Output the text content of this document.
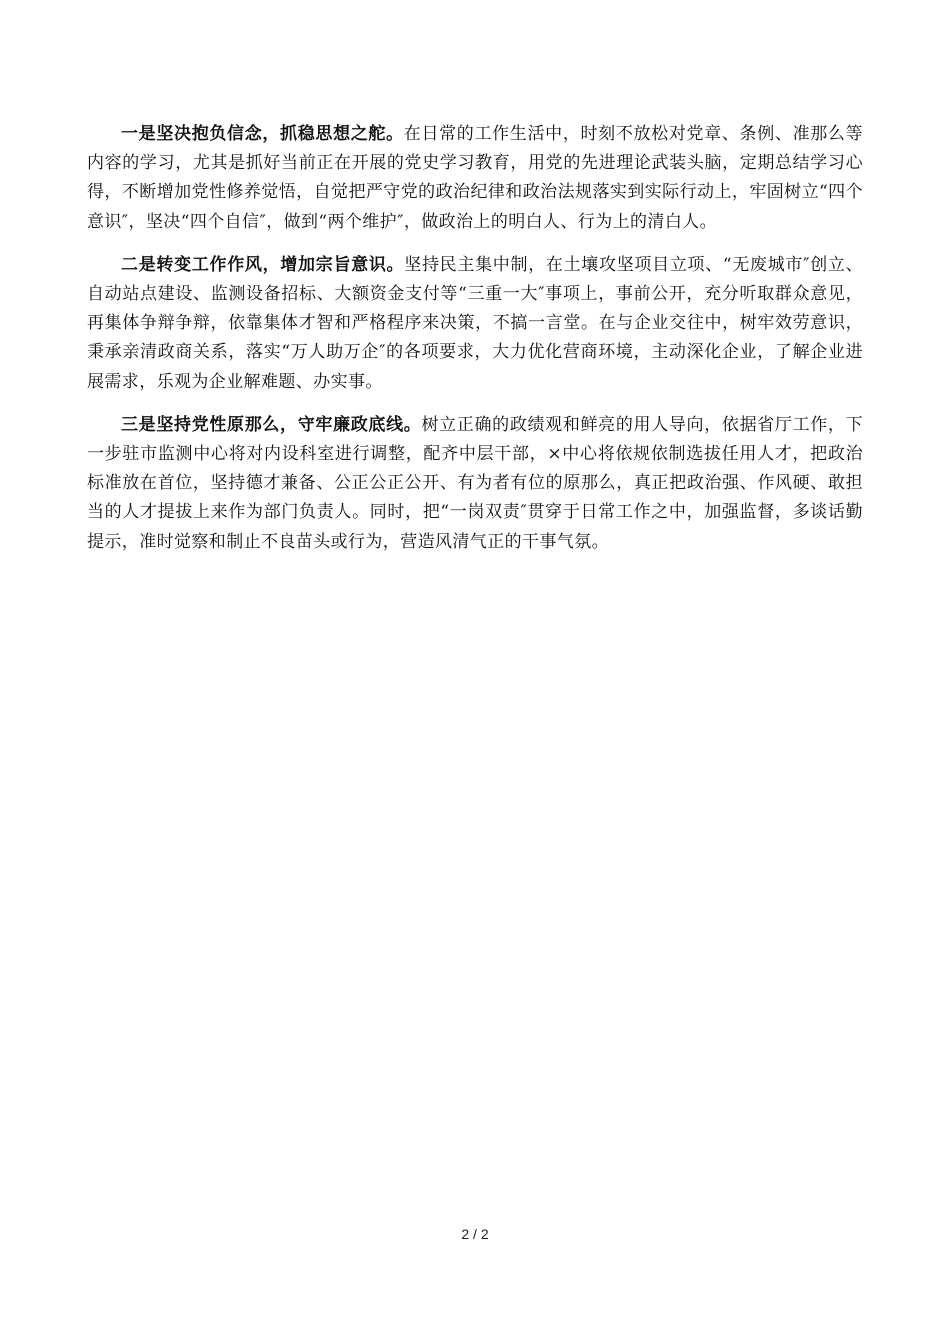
一是坚决抱负信念，抓稳思想之舵。在日常的工作生活中，时刻不放松对党章、条例、准那么等内容的学习，尤其是抓好当前正在开展的党史学习教育，用党的先进理论武装头脑，定期总结学习心得，不断增加党性修养觉悟，自觉把严守党的政治纪律和政治法规落实到实际行动上，牢固树立“四个意识″，坚决“四个自信″，做到“两个维护″，做政治上的明白人、行为上的清白人。

二是转变工作作风，增加宗旨意识。坚持民主集中制，在土壤攻坚项目立项、“无废城市″创立、自动站点建设、监测设备招标、大额资金支付等“三重一大″事项上，事前公开，充分听取群众意见，再集体争辩争辩，依靠集体才智和严格程序来决策，不搞一言堂。在与企业交往中，树牢效劳意识，秉承亲清政商关系，落实“万人助万企″的各项要求，大力优化营商环境，主动深化企业，了解企业进展需求，乐观为企业解难题、办实事。

三是坚持党性原那么，守牢廉政底线。树立正确的政绩观和鲜亮的用人导向，依据省厅工作，下一步驻市监测中心将对内设科室进行调整，配齐中层干部，×中心将依规依制选拔任用人才，把政治标准放在首位，坚持德才兼备、公正公正公开、有为者有位的原那么，真正把政治强、作风硬、敢担当的人才提拔上来作为部门负责人。同时，把“一岗双责″贯穿于日常工作之中，加强监督，多谈话勤提示，准时觉察和制止不良苗头或行为，营造风清气正的干事气氛。

2 / 2
